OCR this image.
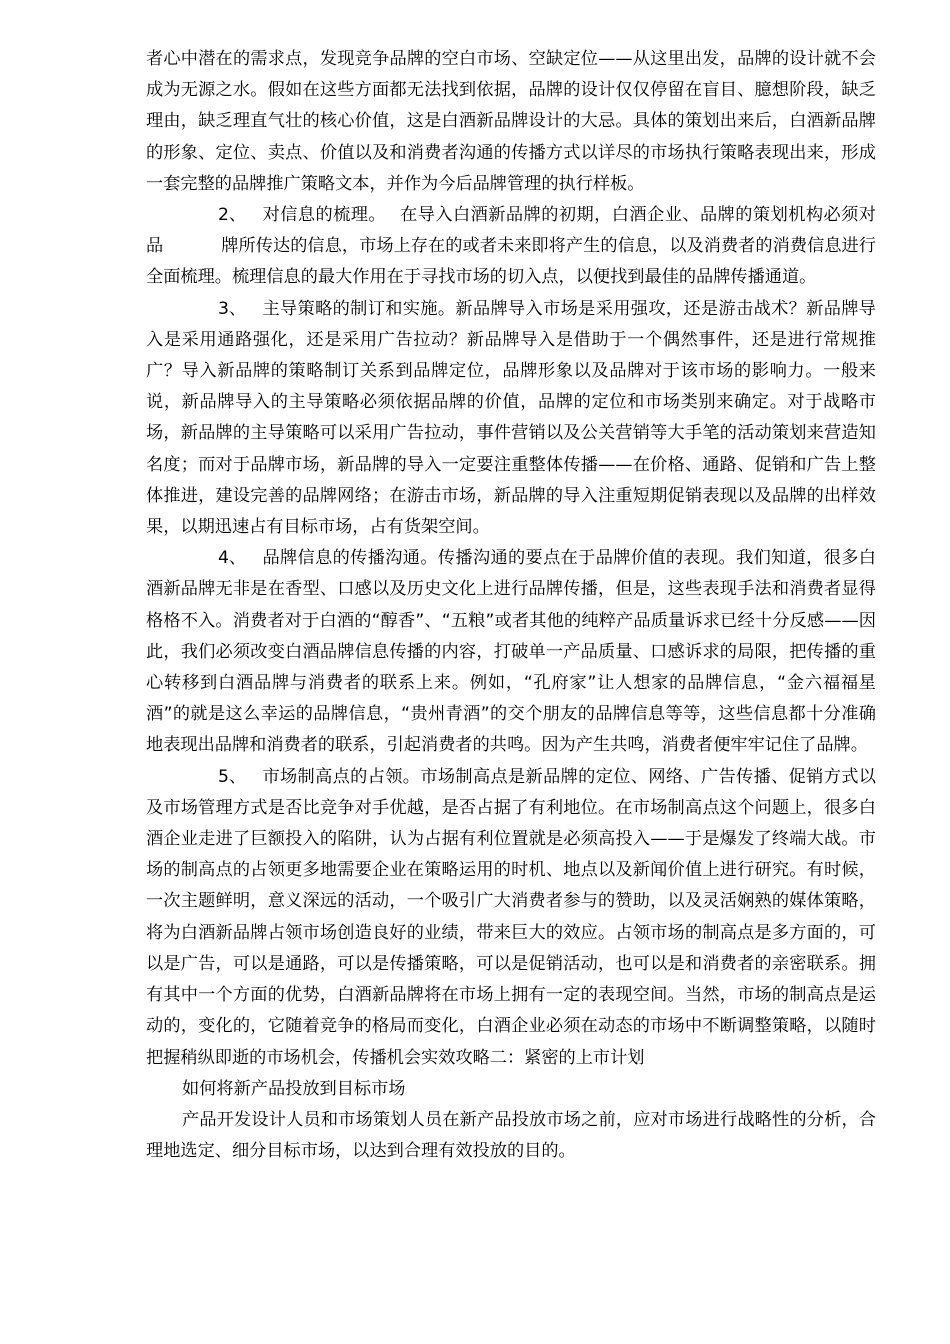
者心中潜在的需求点，发现竞争品牌的空白市场、空缺定位——从这里出发，品牌的设计就不会成为无源之水。假如在这些方面都无法找到依据，品牌的设计仅仅停留在盲目、臆想阶段，缺乏理由，缺乏理直气壮的核心价值，这是白酒新品牌设计的大忌。具体的策划出来后，白酒新品牌的形象、定位、卖点、价值以及和消费者沟通的传播方式以详尽的市场执行策略表现出来，形成一套完整的品牌推广策略文本，并作为今后品牌管理的执行样板。

2、 对信息的梳理。 在导入白酒新品牌的初期，白酒企业、品牌的策划机构必须对品	牌所传达的信息，市场上存在的或者未来即将产生的信息，以及消费者的消费信息进行全面梳理。梳理信息的最大作用在于寻找市场的切入点，以便找到最佳的品牌传播通道。

3、 主导策略的制订和实施。新品牌导入市场是采用强攻，还是游击战术？新品牌导入是采用通路强化，还是采用广告拉动？新品牌导入是借助于一个偶然事件，还是进行常规推广？导入新品牌的策略制订关系到品牌定位，品牌形象以及品牌对于该市场的影响力。一般来说，新品牌导入的主导策略必须依据品牌的价值，品牌的定位和市场类别来确定。对于战略市场，新品牌的主导策略可以采用广告拉动，事件营销以及公关营销等大手笔的活动策划来营造知名度；而对于品牌市场，新品牌的导入一定要注重整体传播——在价格、通路、促销和广告上整体推进，建设完善的品牌网络；在游击市场，新品牌的导入注重短期促销表现以及品牌的出样效果，以期迅速占有目标市场，占有货架空间。

4、 品牌信息的传播沟通。传播沟通的要点在于品牌价值的表现。我们知道，很多白酒新品牌无非是在香型、口感以及历史文化上进行品牌传播，但是，这些表现手法和消费者显得格格不入。消费者对于白酒的“醇香”、“五粮”或者其他的纯粹产品质量诉求已经十分反感——因此，我们必须改变白酒品牌信息传播的内容，打破单一产品质量、口感诉求的局限，把传播的重心转移到白酒品牌与消费者的联系上来。例如，“孔府家”让人想家的品牌信息，“金六福福星酒”的就是这么幸运的品牌信息，“贵州青酒”的交个朋友的品牌信息等等，这些信息都十分准确地表现出品牌和消费者的联系，引起消费者的共鸣。因为产生共鸣，消费者便牢牢记住了品牌。

5、 市场制高点的占领。市场制高点是新品牌的定位、网络、广告传播、促销方式以及市场管理方式是否比竞争对手优越，是否占据了有利地位。在市场制高点这个问题上，很多白酒企业走进了巨额投入的陷阱，认为占据有利位置就是必须高投入——于是爆发了终端大战。市场的制高点的占领更多地需要企业在策略运用的时机、地点以及新闻价值上进行研究。有时候，一次主题鲜明，意义深远的活动，一个吸引广大消费者参与的赞助，以及灵活娴熟的媒体策略，将为白酒新品牌占领市场创造良好的业绩，带来巨大的效应。占领市场的制高点是多方面的，可以是广告，可以是通路，可以是传播策略，可以是促销活动，也可以是和消费者的亲密联系。拥有其中一个方面的优势，白酒新品牌将在市场上拥有一定的表现空间。当然，市场的制高点是运动的，变化的，它随着竞争的格局而变化，白酒企业必须在动态的市场中不断调整策略，以随时把握稍纵即逝的市场机会，传播机会实效攻略二：紧密的上市计划

如何将新产品投放到目标市场

产品开发设计人员和市场策划人员在新产品投放市场之前，应对市场进行战略性的分析，合理地选定、细分目标市场，以达到合理有效投放的目的。
